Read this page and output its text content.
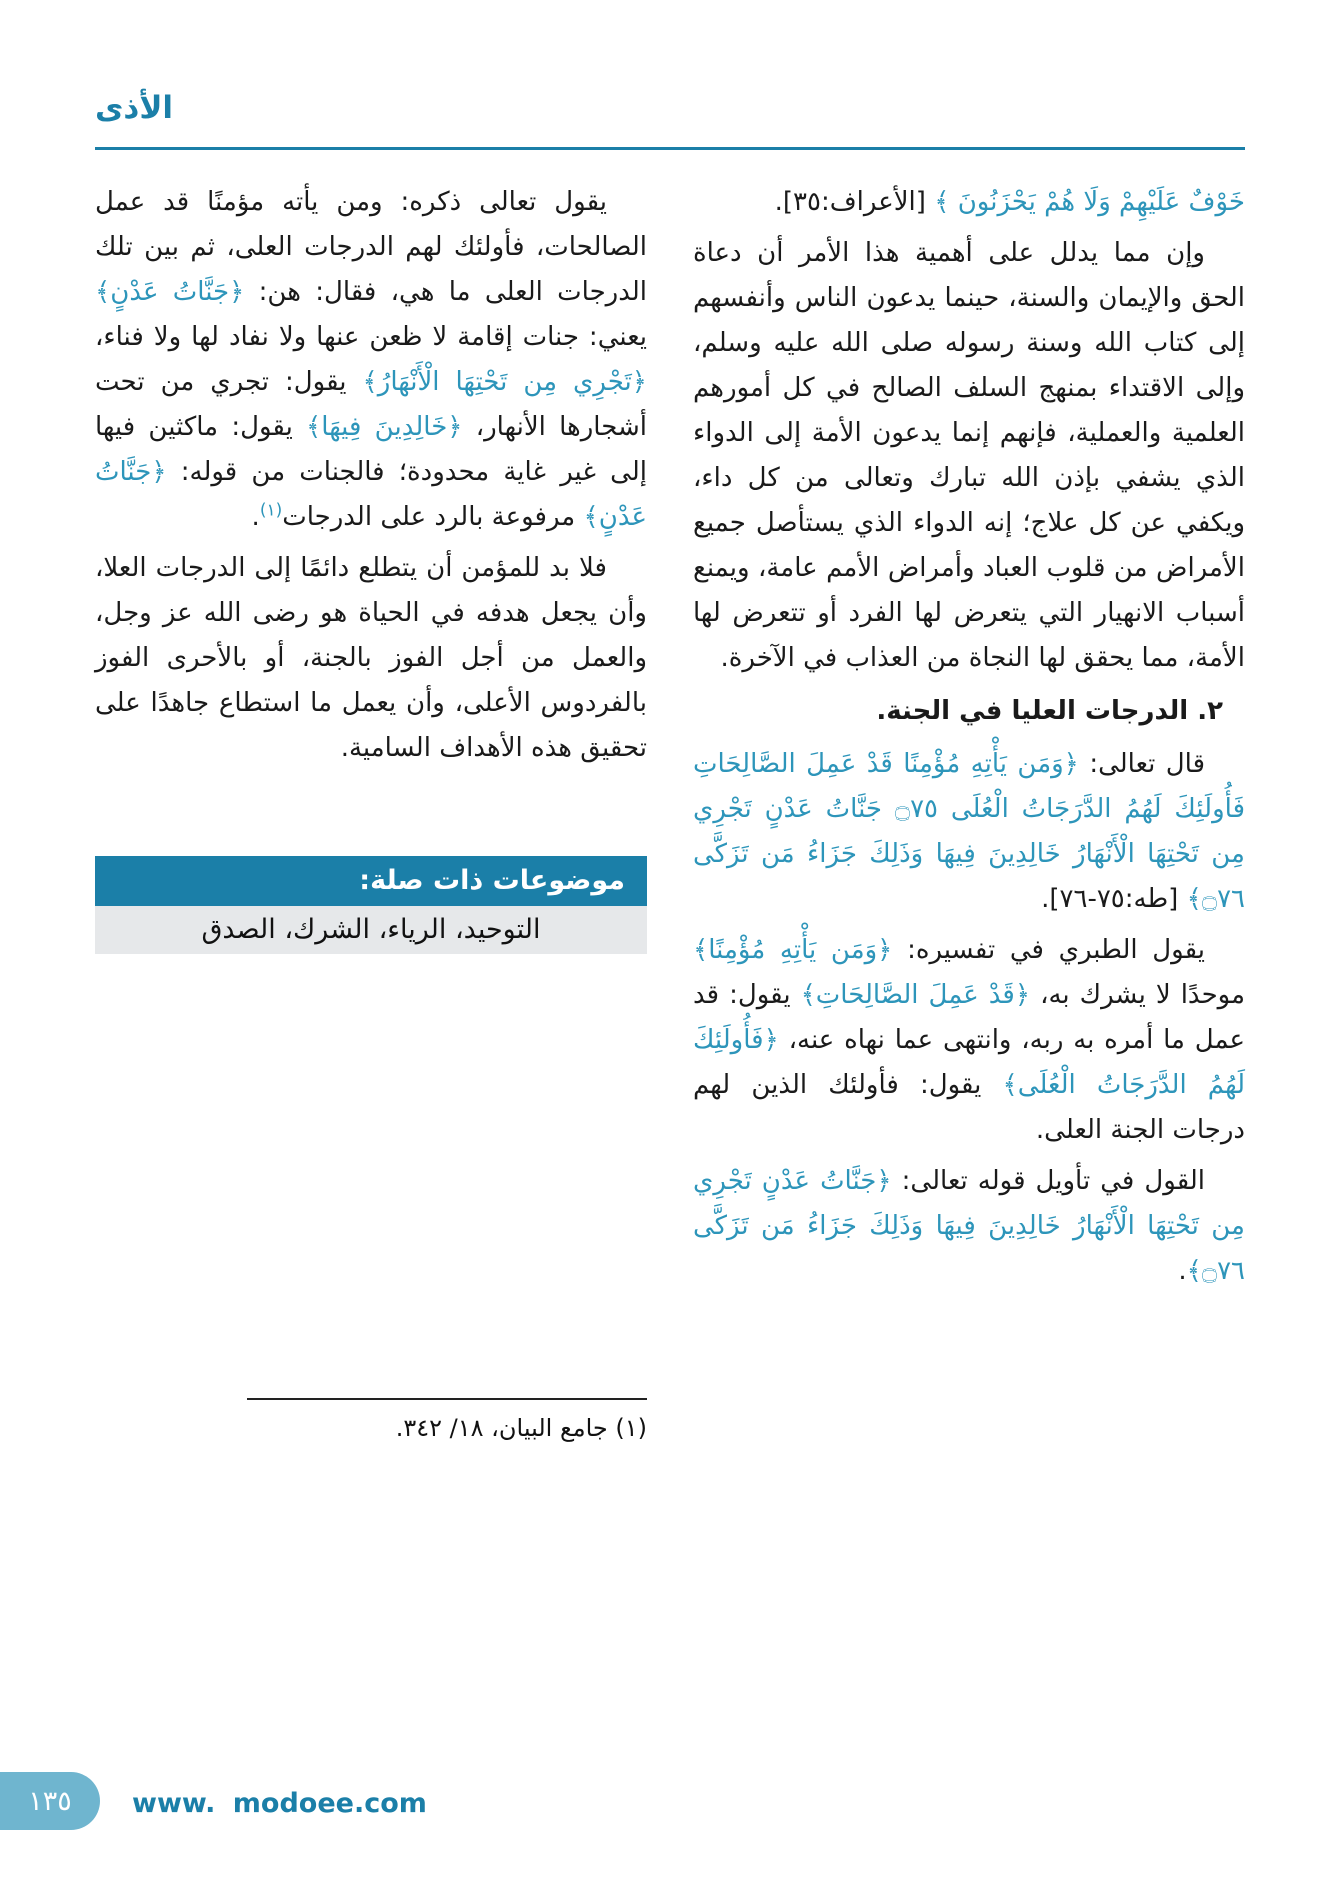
الأذى
خَوْفٌ عَلَيْهِمْ وَلَا هُمْ يَحْزَنُونَ ﴾ [الأعراف:٣٥].
وإن مما يدلل على أهمية هذا الأمر أن دعاة الحق والإيمان والسنة، حينما يدعون الناس وأنفسهم إلى كتاب الله وسنة رسوله صلى الله عليه وسلم، وإلى الاقتداء بمنهج السلف الصالح في كل أمورهم العلمية والعملية، فإنهم إنما يدعون الأمة إلى الدواء الذي يشفي بإذن الله تبارك وتعالى من كل داء، ويكفي عن كل علاج؛ إنه الدواء الذي يستأصل جميع الأمراض من قلوب العباد وأمراض الأمم عامة، ويمنع أسباب الانهيار التي يتعرض لها الفرد أو تتعرض لها الأمة، مما يحقق لها النجاة من العذاب في الآخرة.
٢. الدرجات العليا في الجنة.
قال تعالى: ﴿وَمَن يَأْتِهِ مُؤْمِنًا قَدْ عَمِلَ الصَّالِحَاتِ فَأُولَئِكَ لَهُمُ الدَّرَجَاتُ الْعُلَى ۝٧٥ جَنَّاتُ عَدْنٍ تَجْرِي مِن تَحْتِهَا الْأَنْهَارُ خَالِدِينَ فِيهَا وَذَلِكَ جَزَاءُ مَن تَزَكَّى ۝٧٦﴾ [طه:٧٥-٧٦].
يقول الطبري في تفسيره: ﴿وَمَن يَأْتِهِ مُؤْمِنًا﴾ موحدًا لا يشرك به، ﴿قَدْ عَمِلَ الصَّالِحَاتِ﴾ يقول: قد عمل ما أمره به ربه، وانتهى عما نهاه عنه، ﴿فَأُولَئِكَ لَهُمُ الدَّرَجَاتُ الْعُلَى﴾ يقول: فأولئك الذين لهم درجات الجنة العلى.
القول في تأويل قوله تعالى: ﴿جَنَّاتُ عَدْنٍ تَجْرِي مِن تَحْتِهَا الْأَنْهَارُ خَالِدِينَ فِيهَا وَذَلِكَ جَزَاءُ مَن تَزَكَّى ۝٧٦﴾.
يقول تعالى ذكره: ومن يأته مؤمنًا قد عمل الصالحات، فأولئك لهم الدرجات العلى، ثم بين تلك الدرجات العلى ما هي، فقال: هن: ﴿جَنَّاتُ عَدْنٍ﴾ يعني: جنات إقامة لا ظعن عنها ولا نفاد لها ولا فناء، ﴿تَجْرِي مِن تَحْتِهَا الْأَنْهَارُ﴾ يقول: تجري من تحت أشجارها الأنهار، ﴿خَالِدِينَ فِيهَا﴾ يقول: ماكثين فيها إلى غير غاية محدودة؛ فالجنات من قوله: ﴿جَنَّاتُ عَدْنٍ﴾ مرفوعة بالرد على الدرجات$^{(١)}$.
فلا بد للمؤمن أن يتطلع دائمًا إلى الدرجات العلا، وأن يجعل هدفه في الحياة هو رضى الله عز وجل، والعمل من أجل الفوز بالجنة، أو بالأحرى الفوز بالفردوس الأعلى، وأن يعمل ما استطاع جاهدًا على تحقيق هذه الأهداف السامية.
موضوعات ذات صلة:
التوحيد، الرياء، الشرك، الصدق
(١) جامع البيان، ١٨/ ٣٤٢.
١٣٥ www. modoee.com
